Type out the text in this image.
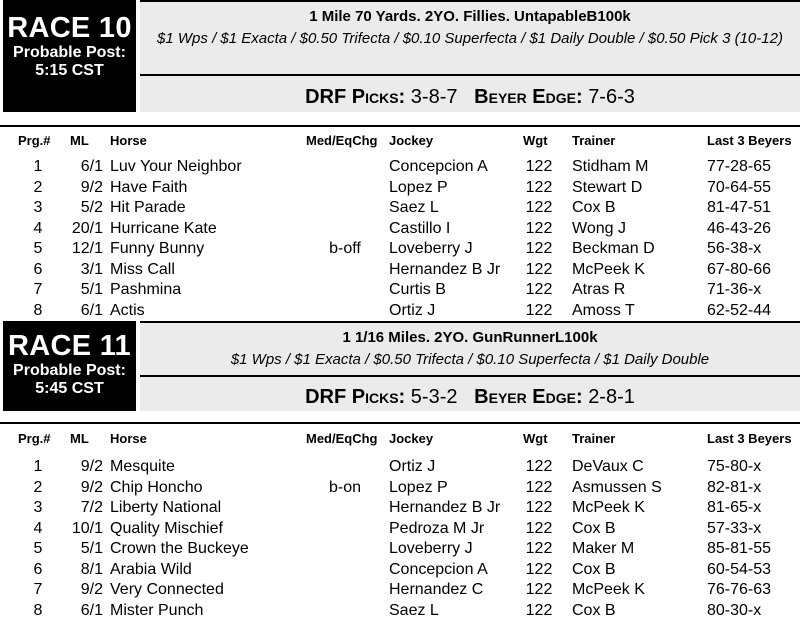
RACE 10
Probable Post:
5:15 CST
1 Mile 70 Yards. 2YO. Fillies. UntapableB100k
$1 Wps / $1 Exacta / $0.50 Trifecta / $0.10 Superfecta / $1 Daily Double / $0.50 Pick 3 (10-12)
DRF Picks: 3-8-7 Beyer Edge: 7-6-3
Prg.# ML Horse	Med/EqChg Jockey	Wgt Trainer	Last 3 Beyers
1	6/1 Luv Your Neighbor	Concepcion A 122 Stidham M	77-28-65
2	9/2 Have Faith	Lopez P	122 Stewart D	70-64-55
3	5/2 Hit Parade	Saez L	122 Cox B	81-47-51
4	20/1 Hurricane Kate	Castillo I	122 Wong J	46-43-26
5	12/1 Funny Bunny	b-off	Loveberry J	122 Beckman D	56-38-x
6	3/1 Miss Call	Hernandez B Jr 122 McPeek K	67-80-66
7	5/1 Pashmina	Curtis B	122 Atras R	71-36-x
8	6/1 Actis	Ortiz J	122 Amoss T	62-52-44
RACE 11
Probable Post:
5:45 CST
1 1/16 Miles. 2YO. GunRunnerL100k
$1 Wps / $1 Exacta / $0.50 Trifecta / $0.10 Superfecta / $1 Daily Double
DRF Picks: 5-3-2 Beyer Edge: 2-8-1
Prg.# ML Horse	Med/EqChg Jockey	Wgt Trainer	Last 3 Beyers
1	9/2 Mesquite	Ortiz J	122 DeVaux C	75-80-x
2	9/2 Chip Honcho	b-on	Lopez P	122 Asmussen S	82-81-x
3	7/2 Liberty National	Hernandez B Jr 122 McPeek K	81-65-x
4	10/1 Quality Mischief	Pedroza M Jr	122 Cox B	57-33-x
5	5/1 Crown the Buckeye	Loveberry J	122 Maker M	85-81-55
6	8/1 Arabia Wild	Concepcion A 122 Cox B	60-54-53
7	9/2 Very Connected	Hernandez C	122 McPeek K	76-76-63
8	6/1 Mister Punch	Saez L	122 Cox B	80-30-x
